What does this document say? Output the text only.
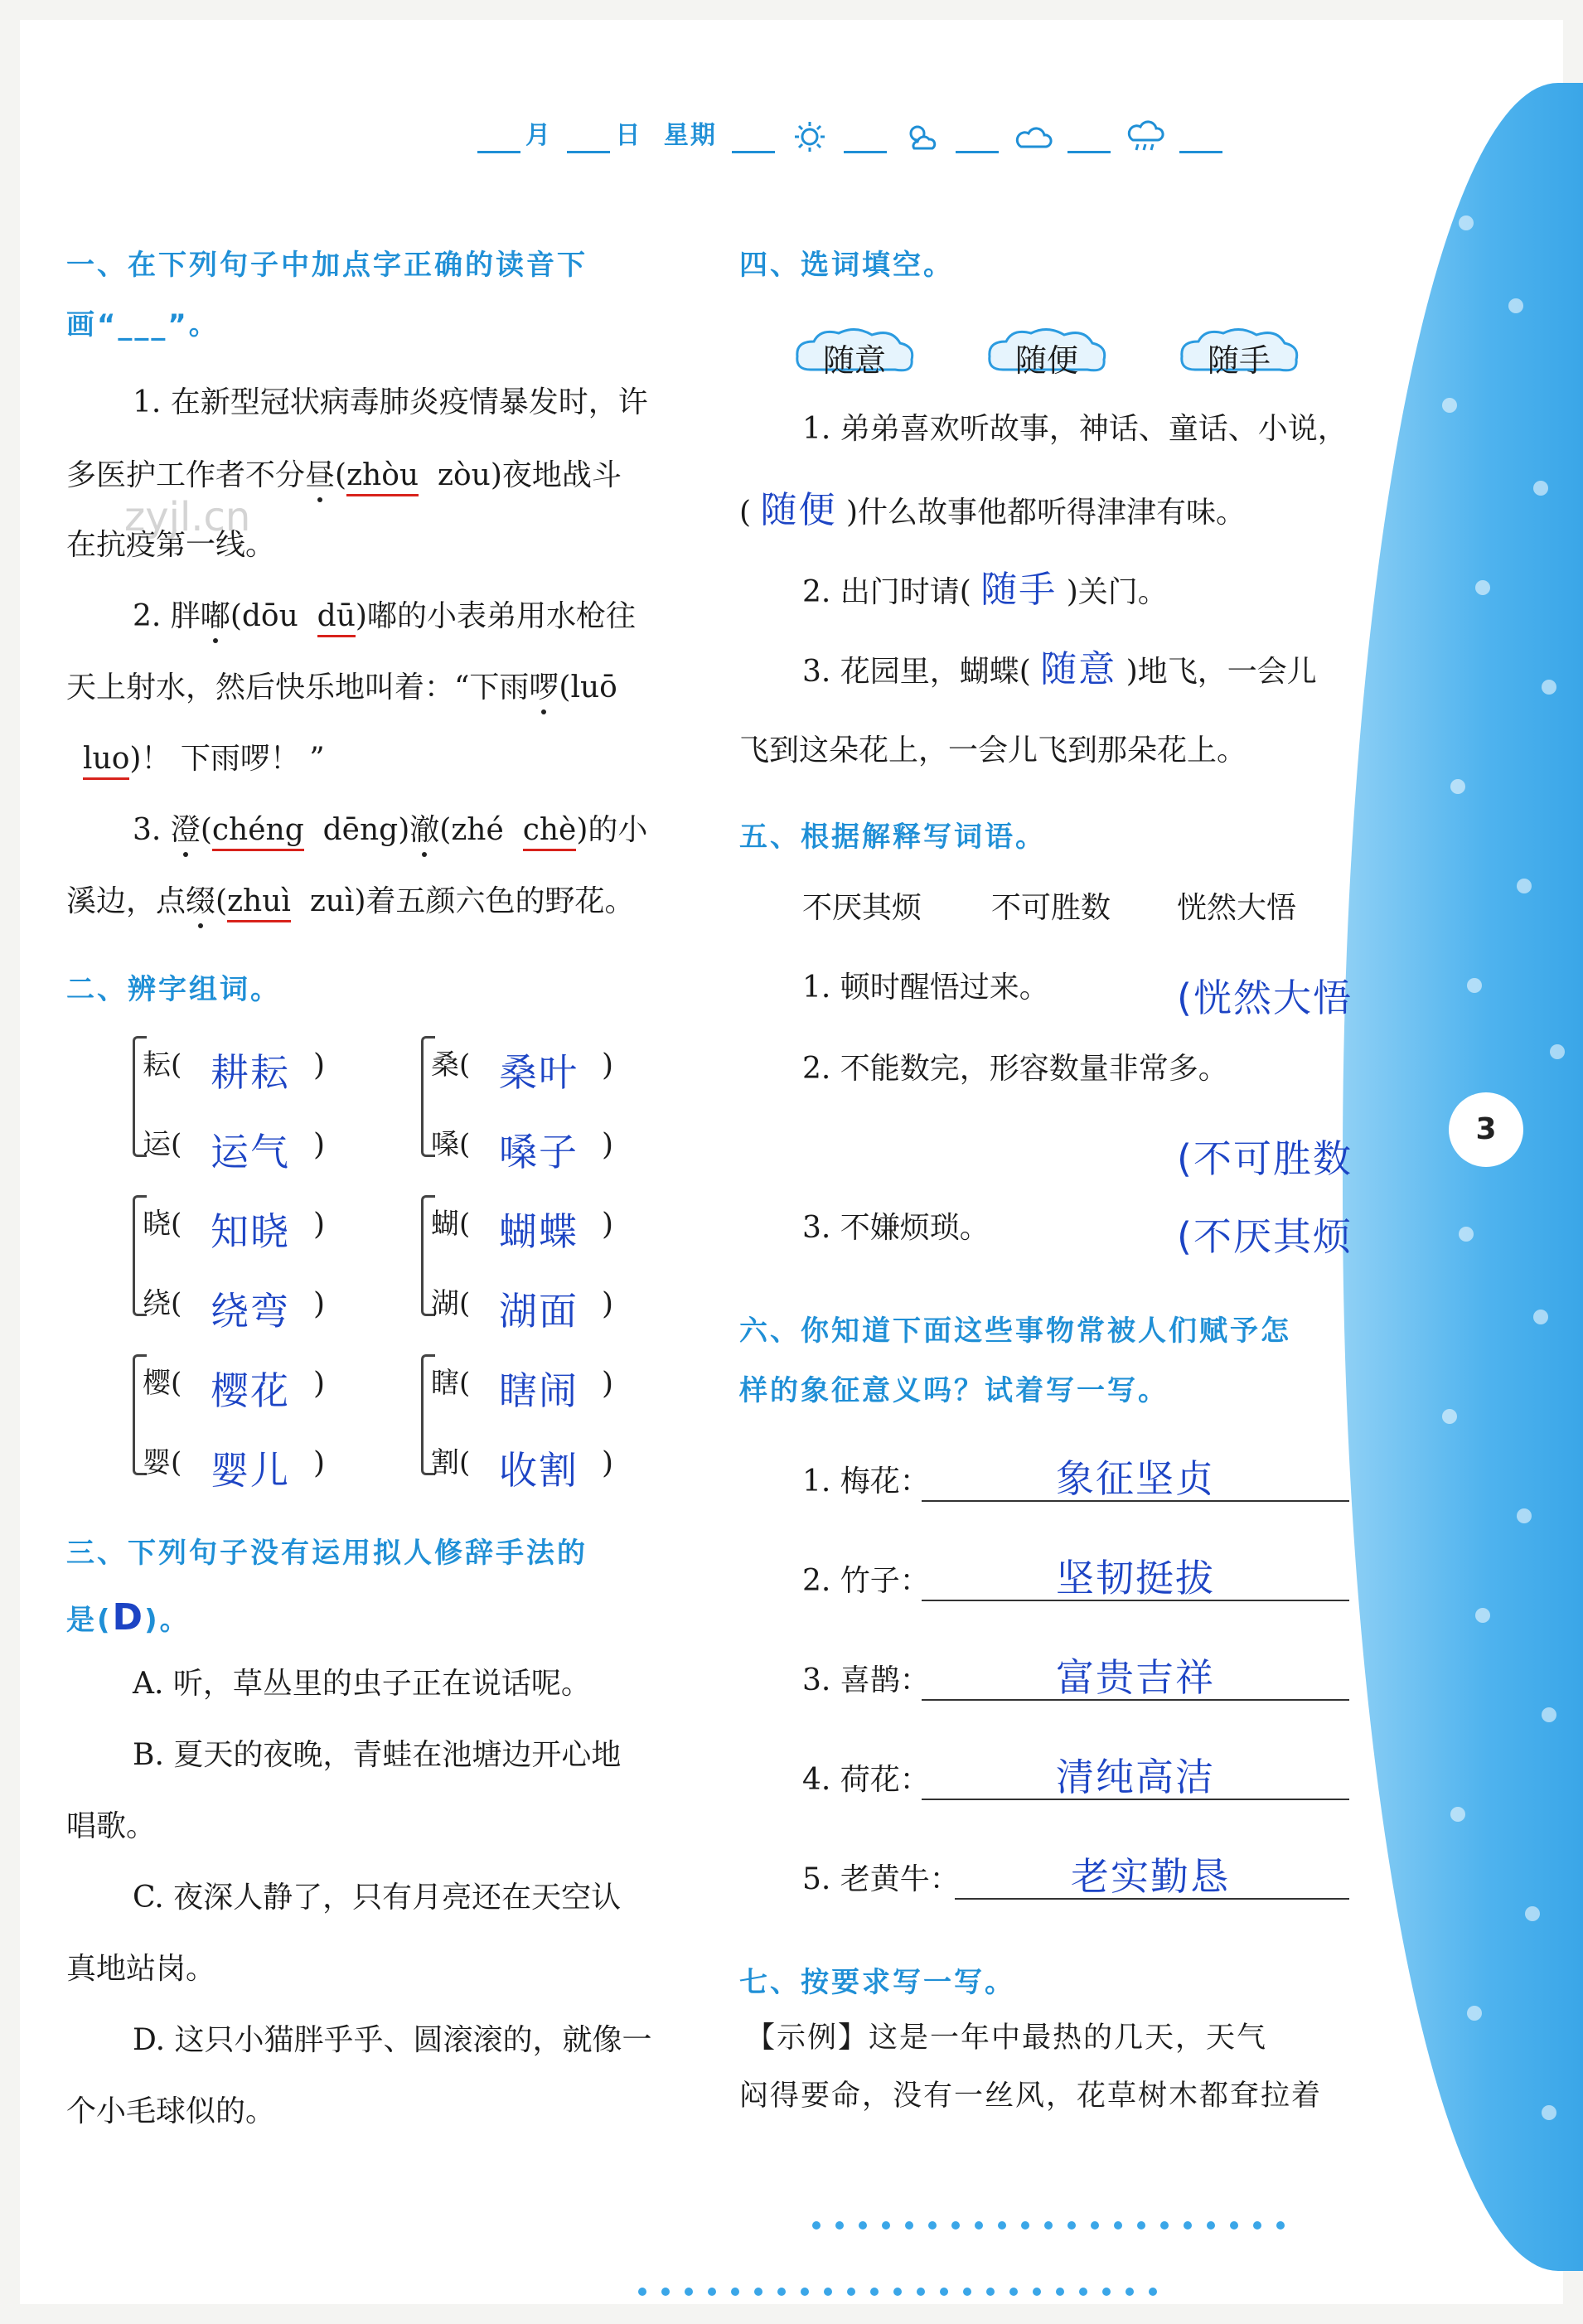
3
月	日 星期
一、在下列句子中加点字正确的读音下
画“___”。
1. 在新型冠状病毒肺炎疫情暴发时，许
多医护工作者不分昼(zhòu zòu)夜地战斗
在抗疫第一线。
zyjl.cn
2. 胖嘟(dōu dū)嘟的小表弟用水枪往
天上射水，然后快乐地叫着：“下雨啰(luō
luo)！ 下雨啰！ ”
3. 澄(chéng dēng)澈(zhé chè)的小
溪边，点缀(zhuì zuì)着五颜六色的野花。
二、辨字组词。
耘( 耕耘 )
运( 运气 )
桑( 桑叶 )
嗓( 嗓子 )
晓( 知晓 )
绕( 绕弯 )
蝴( 蝴蝶 )
湖( 湖面 )
樱( 樱花 )
婴( 婴儿 )
瞎( 瞎闹 )
割( 收割 )
三、下列句子没有运用拟人修辞手法的
是(D)。
A. 听，草丛里的虫子正在说话呢。
B. 夏天的夜晚，青蛙在池塘边开心地
唱歌。
C. 夜深人静了，只有月亮还在天空认
真地站岗。
D. 这只小猫胖乎乎、圆滚滚的，就像一
个小毛球似的。
四、选词填空。
随意	随便	随手
1. 弟弟喜欢听故事，神话、童话、小说，
( 随便 )什么故事他都听得津津有味。
2. 出门时请( 随手 )关门。
3. 花园里，蝴蝶( 随意 )地飞，一会儿
飞到这朵花上，一会儿飞到那朵花上。
五、根据解释写词语。
不厌其烦 不可胜数 恍然大悟
1. 顿时醒悟过来。	(恍然大悟
2. 不能数完，形容数量非常多。
(不可胜数
3. 不嫌烦琐。	(不厌其烦
六、你知道下面这些事物常被人们赋予怎
样的象征意义吗？试着写一写。
1. 梅花：	象征坚贞
2. 竹子：	坚韧挺拔
3. 喜鹊：	富贵吉祥
4. 荷花：	清纯高洁
5. 老黄牛：	老实勤恳
七、按要求写一写。
【示例】这是一年中最热的几天，天气
闷得要命，没有一丝风，花草树木都耷拉着
